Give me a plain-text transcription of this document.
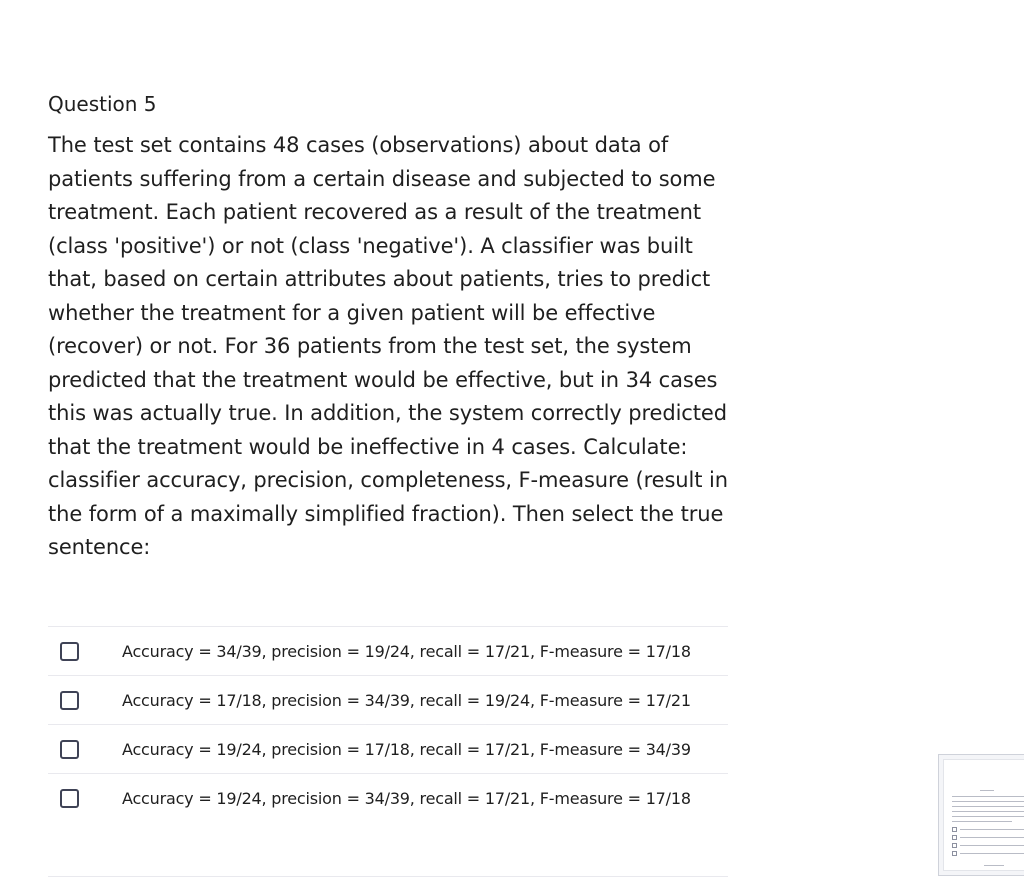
Question 5

The test set contains 48 cases (observations) about data of patients suffering from a certain disease and subjected to some treatment. Each patient recovered as a result of the treatment (class 'positive') or not (class 'negative'). A classifier was built that, based on certain attributes about patients, tries to predict whether the treatment for a given patient will be effective (recover) or not. For 36 patients from the test set, the system predicted that the treatment would be effective, but in 34 cases this was actually true. In addition, the system correctly predicted that the treatment would be ineffective in 4 cases. Calculate: classifier accuracy, precision, completeness, F-measure (result in the form of a maximally simplified fraction). Then select the true sentence:

Accuracy = 34/39, precision = 19/24, recall = 17/21, F-measure = 17/18
Accuracy = 17/18, precision = 34/39, recall = 19/24, F-measure = 17/21
Accuracy = 19/24, precision = 17/18, recall = 17/21, F-measure = 34/39
Accuracy = 19/24, precision = 34/39, recall = 17/21, F-measure = 17/18
